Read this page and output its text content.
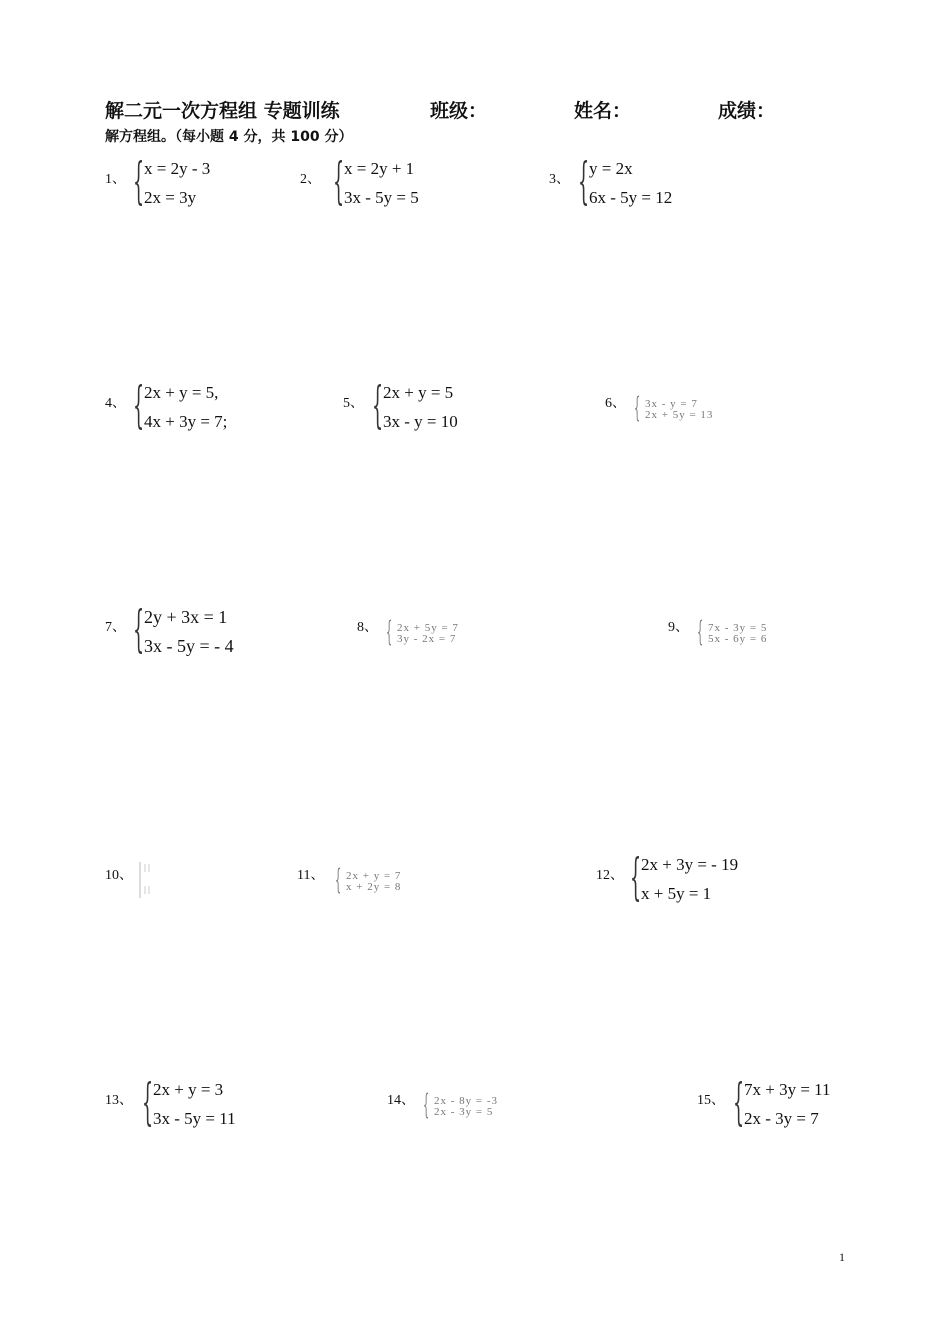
解二元一次方程组 专题训练	班级：	姓名：	成绩：
解方程组。（每小题 4 分，共 100 分）
1、 { x = 2y - 3
2x = 3y
2、 { x = 2y + 1
3x - 5y = 5
3、 { y = 2x
6x - 5y = 12
4、 { 2x + y = 5,
4x + 3y = 7;
5、 { 2x + y = 5
3x - y = 10
6、 { 3x - y = 7
2x + 5y = 13
7、 { 2y + 3x = 1
3x - 5y = - 4
8、 { 2x + 5y = 7
3y - 2x = 7
9、 { 7x - 3y = 5
5x - 6y = 6
10、	11、 { 2x + y = 7
x + 2y = 8
12、 { 2x + 3y = - 19
x + 5y = 1
13、 { 2x + y = 3
3x - 5y = 11
14、 { 2x - 8y = -3
2x - 3y = 5
15、 { 7x + 3y = 11
2x - 3y = 7
1
